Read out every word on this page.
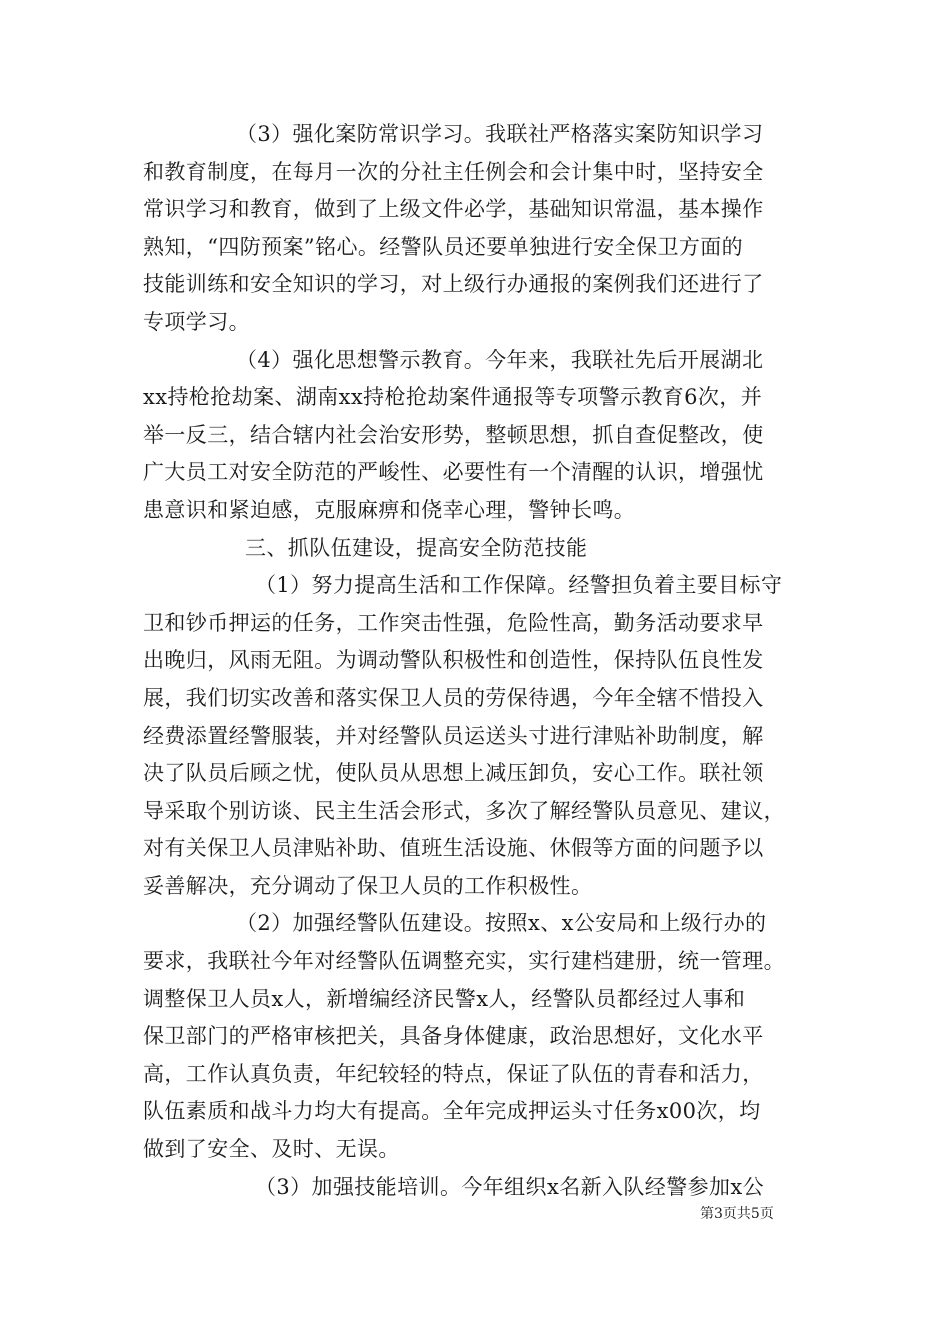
（3）强化案防常识学习。我联社严格落实案防知识学习
和教育制度，在每月一次的分社主任例会和会计集中时，坚持安全
常识学习和教育，做到了上级文件必学，基础知识常温，基本操作
熟知，“四防预案”铭心。经警队员还要单独进行安全保卫方面的
技能训练和安全知识的学习，对上级行办通报的案例我们还进行了
专项学习。
（4）强化思想警示教育。今年来，我联社先后开展湖北
xx持枪抢劫案、湖南xx持枪抢劫案件通报等专项警示教育6次，并
举一反三，结合辖内社会治安形势，整顿思想，抓自查促整改，使
广大员工对安全防范的严峻性、必要性有一个清醒的认识，增强忧
患意识和紧迫感，克服麻痹和侥幸心理，警钟长鸣。
三、抓队伍建设，提高安全防范技能
（1）努力提高生活和工作保障。经警担负着主要目标守
卫和钞币押运的任务，工作突击性强，危险性高，勤务活动要求早
出晚归，风雨无阻。为调动警队积极性和创造性，保持队伍良性发
展，我们切实改善和落实保卫人员的劳保待遇，今年全辖不惜投入
经费添置经警服装，并对经警队员运送头寸进行津贴补助制度，解
决了队员后顾之忧，使队员从思想上减压卸负，安心工作。联社领
导采取个别访谈、民主生活会形式，多次了解经警队员意见、建议，
对有关保卫人员津贴补助、值班生活设施、休假等方面的问题予以
妥善解决，充分调动了保卫人员的工作积极性。
（2）加强经警队伍建设。按照x、x公安局和上级行办的
要求，我联社今年对经警队伍调整充实，实行建档建册，统一管理。
调整保卫人员x人，新增编经济民警x人，经警队员都经过人事和
保卫部门的严格审核把关，具备身体健康，政治思想好，文化水平
高，工作认真负责，年纪较轻的特点，保证了队伍的青春和活力，
队伍素质和战斗力均大有提高。全年完成押运头寸任务x00次，均
做到了安全、及时、无误。
（3）加强技能培训。今年组织x名新入队经警参加x公
第3页共5页
